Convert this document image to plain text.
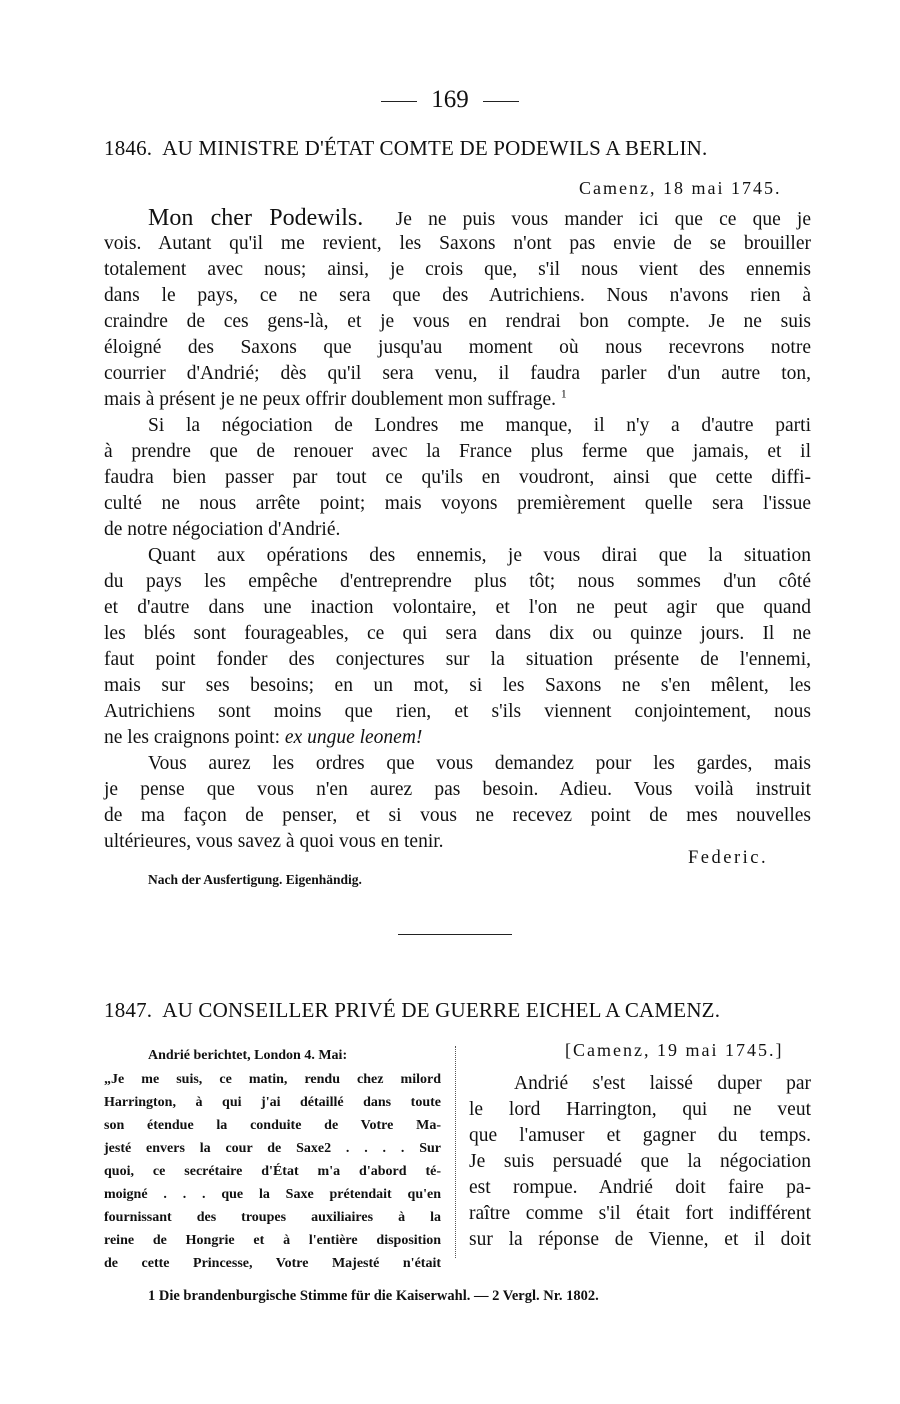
169
1846. AU MINISTRE D'ÉTAT COMTE DE PODEWILS A BERLIN.
Camenz, 18 mai 1745.
vois. Autant qu'il me revient, les Saxons n'ont pas envie de se brouiller
totalement avec nous; ainsi, je crois que, s'il nous vient des ennemis
dans le pays, ce ne sera que des Autrichiens. Nous n'avons rien à
craindre de ces gens-là, et je vous en rendrai bon compte. Je ne suis
éloigné des Saxons que jusqu'au moment où nous recevrons notre
courrier d'Andrié; dès qu'il sera venu, il faudra parler d'un autre ton,
mais à présent je ne peux offrir doublement mon suffrage. $^1$
Si la négociation de Londres me manque, il n'y a d'autre parti
à prendre que de renouer avec la France plus ferme que jamais, et il
faudra bien passer par tout ce qu'ils en voudront, ainsi que cette diffi-
culté ne nous arrête point; mais voyons premièrement quelle sera l'issue
de notre négociation d'Andrié.
Quant aux opérations des ennemis, je vous dirai que la situation
du pays les empêche d'entreprendre plus tôt; nous sommes d'un côté
et d'autre dans une inaction volontaire, et l'on ne peut agir que quand
les blés sont fourageables, ce qui sera dans dix ou quinze jours. Il ne
faut point fonder des conjectures sur la situation présente de l'ennemi,
mais sur ses besoins; en un mot, si les Saxons ne s'en mêlent, les
Autrichiens sont moins que rien, et s'ils viennent conjointement, nous
ne les craignons point: ex ungue leonem!
Vous aurez les ordres que vous demandez pour les gardes, mais
je pense que vous n'en aurez pas besoin. Adieu. Vous voilà instruit
de ma façon de penser, et si vous ne recevez point de mes nouvelles
ultérieures, vous savez à quoi vous en tenir.
Mon cher Podewils. Je ne puis vous mander ici que ce que je
Federic.
Nach der Ausfertigung. Eigenhändig.
1847. AU CONSEILLER PRIVÉ DE GUERRE EICHEL A CAMENZ.
[Camenz, 19 mai 1745.]
Andrié berichtet, London 4. Mai:
„Je me suis, ce matin, rendu chez milord
Harrington, à qui j'ai détaillé dans toute
son étendue la conduite de Votre Ma-
jesté envers la cour de Saxe2 . . . . Sur
quoi, ce secrétaire d'État m'a d'abord té-
moigné . . . que la Saxe prétendait qu'en
fournissant des troupes auxiliaires à la
reine de Hongrie et à l'entière disposition
de cette Princesse, Votre Majesté n'était
Andrié s'est laissé duper par
le lord Harrington, qui ne veut
que l'amuser et gagner du temps.
Je suis persuadé que la négociation
est rompue. Andrié doit faire pa-
raître comme s'il était fort indifférent
sur la réponse de Vienne, et il doit
1 Die brandenburgische Stimme für die Kaiserwahl. — 2 Vergl. Nr. 1802.
